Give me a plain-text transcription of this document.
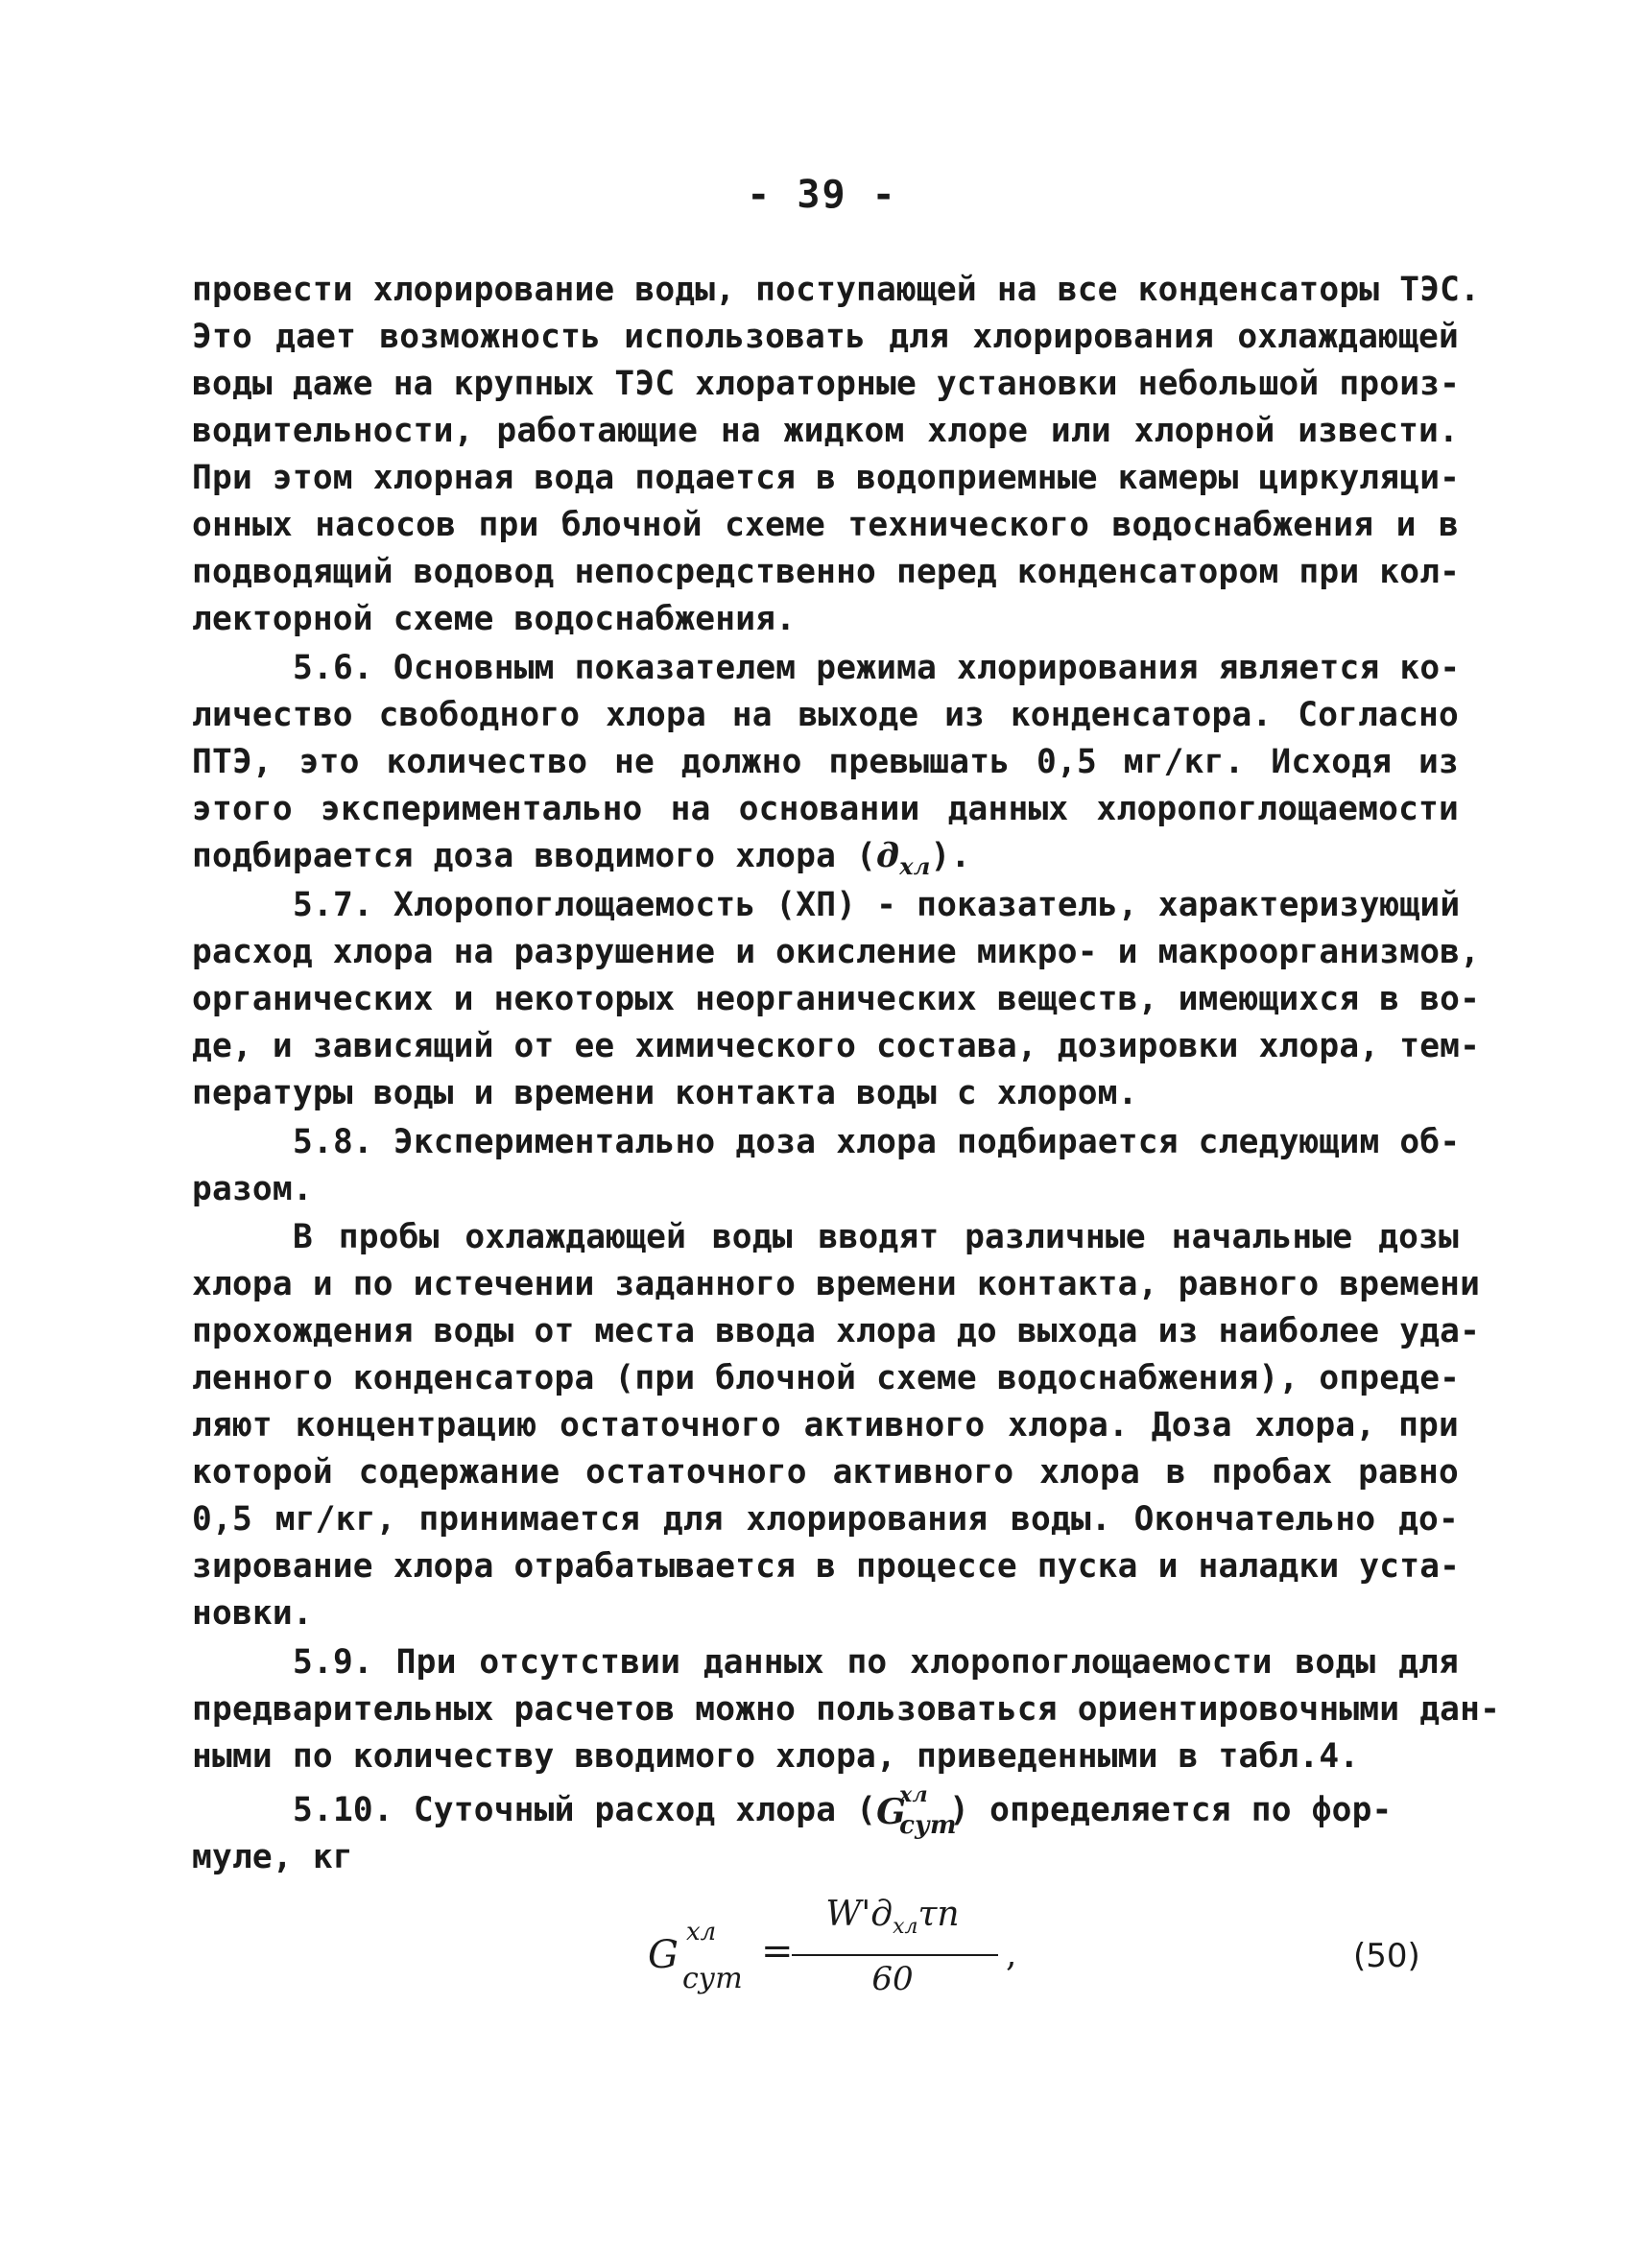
- 39 -
провести хлорирование воды, поступающей на все конденсаторы ТЭС.
Это дает возможность использовать для хлорирования охлаждающей
воды даже на крупных ТЭС хлораторные установки небольшой произ-
водительности, работающие на жидком хлоре или хлорной извести.
При этом хлорная вода подается в водоприемные камеры циркуляци-
онных насосов при блочной схеме технического водоснабжения и в
подводящий водовод непосредственно перед конденсатором при кол-
лекторной схеме водоснабжения.
5.6. Основным показателем режима хлорирования является ко-
личество свободного хлора на выходе из конденсатора. Согласно
ПТЭ, это количество не должно превышать 0,5 мг/кг. Исходя из
этого экспериментально на основании данных хлоропоглощаемости
подбирается доза вводимого хлора $(д_{хл})$.
5.7. Хлоропоглощаемость (ХП) - показатель, характеризующий
расход хлора на разрушение и окисление микро- и макроорганизмов,
органических и некоторых неорганических веществ, имеющихся в во-
де, и зависящий от ее химического состава, дозировки хлора, тем-
пературы воды и времени контакта воды с хлором.
5.8. Экспериментально доза хлора подбирается следующим об-
разом.
В пробы охлаждающей воды вводят различные начальные дозы
хлора и по истечении заданного времени контакта, равного времени
прохождения воды от места ввода хлора до выхода из наиболее уда-
ленного конденсатора (при блочной схеме водоснабжения), опреде-
ляют концентрацию остаточного активного хлора. Доза хлора, при
которой содержание остаточного активного хлора в пробах равно
0,5 мг/кг, принимается для хлорирования воды. Окончательно до-
зирование хлора отрабатывается в процессе пуска и наладки уста-
новки.
5.9. При отсутствии данных по хлоропоглощаемости воды для
предварительных расчетов можно пользоваться ориентировочными дан-
ными по количеству вводимого хлора, приведенными в табл.4.
5.10. Суточный расход хлора ( G
хл
сут
) определяется по фор-
муле, кг
G
хл
сут
=
$W'д_{хл}\tau п$
60
,	(50)
